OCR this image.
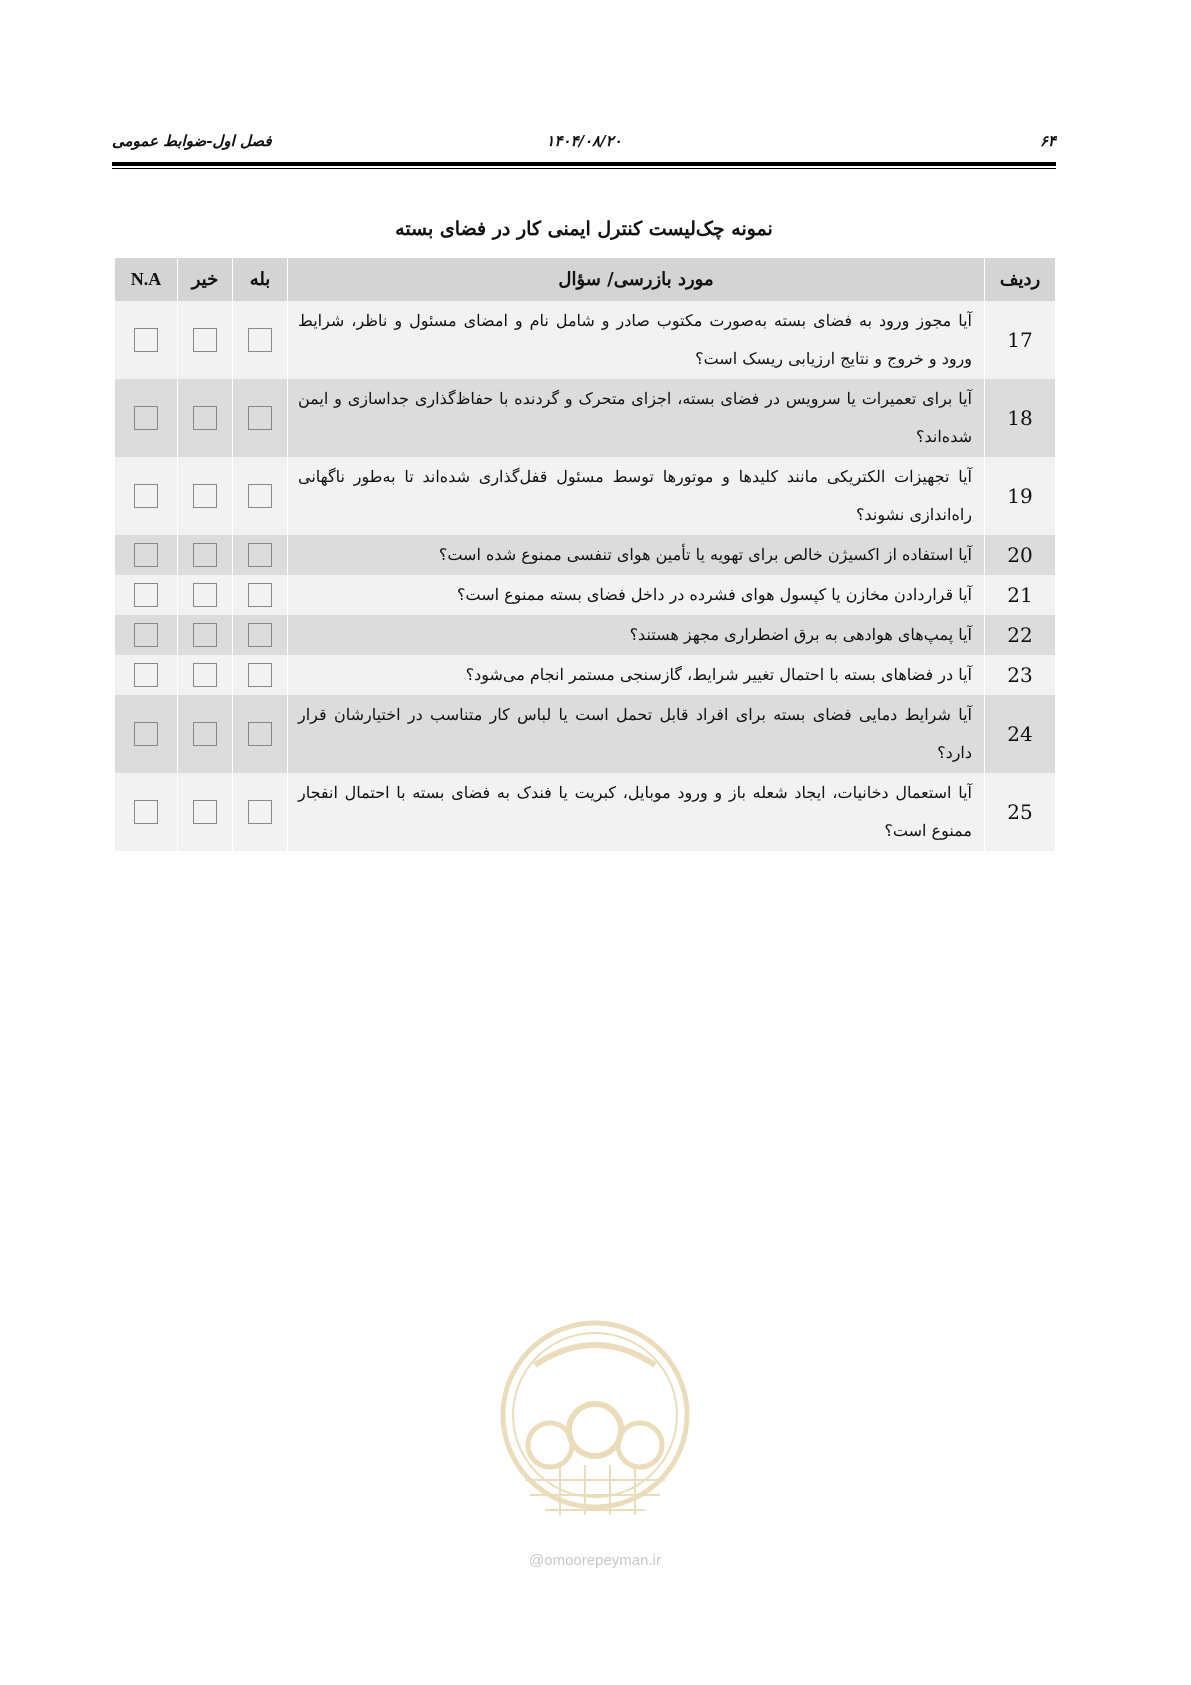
۶۴
۱۴۰۴/۰۸/۲۰
فصل اول-ضوابط عمومی
نمونه چک‌لیست کنترل ایمنی کار در فضای بسته
ردیف	مورد بازرسی/ سؤال	بله	خیر	N.A
17	آیا مجوز ورود به فضای بسته به‌صورت مکتوب صادر و شامل نام و امضای مسئول و ناظر، شرایط ورود و خروج و نتایج ارزیابی ریسک است؟			
18	آیا برای تعمیرات یا سرویس در فضای بسته، اجزای متحرک و گردنده با حفاظ‌گذاری جداسازی و ایمن شده‌اند؟			
19	آیا تجهیزات الکتریکی مانند کلیدها و موتورها توسط مسئول قفل‌گذاری شده‌اند تا به‌طور ناگهانی راه‌اندازی نشوند؟			
20	آیا استفاده از اکسیژن خالص برای تهویه یا تأمین هوای تنفسی ممنوع شده است؟			
21	آیا قراردادن مخازن یا کپسول هوای فشرده در داخل فضای بسته ممنوع است؟			
22	آیا پمپ‌های هوادهی به برق اضطراری مجهز هستند؟			
23	آیا در فضاهای بسته با احتمال تغییر شرایط، گازسنجی مستمر انجام می‌شود؟			
24	آیا شرایط دمایی فضای بسته برای افراد قابل تحمل است یا لباس کار متناسب در اختیارشان قرار دارد؟			
25	آیا استعمال دخانیات، ایجاد شعله باز و ورود موبایل، کبریت یا فندک به فضای بسته با احتمال انفجار ممنوع است؟			
@omoorepeyman.ir
